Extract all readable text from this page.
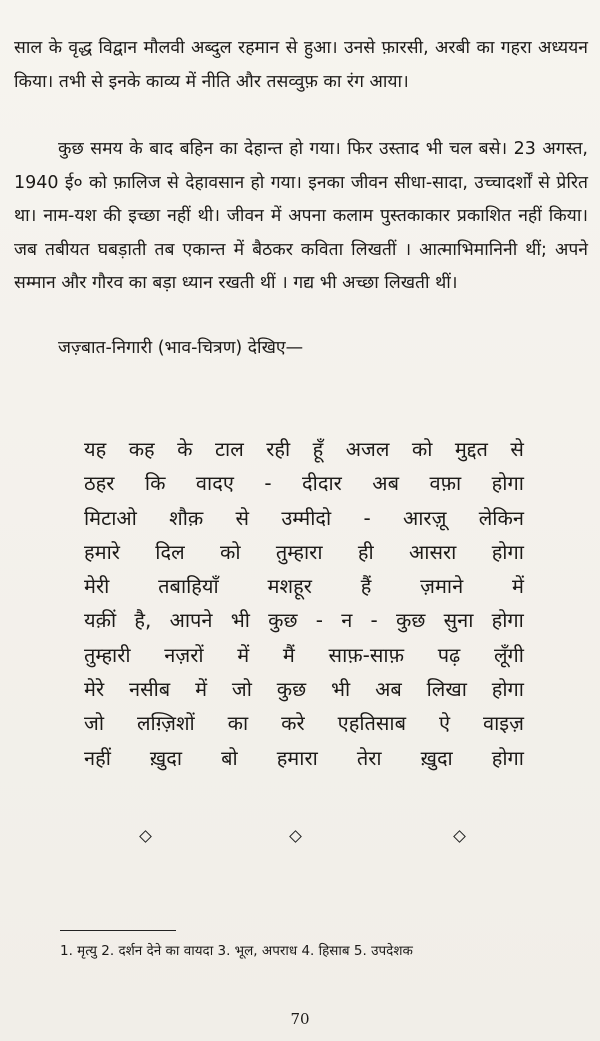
साल के वृद्ध विद्वान मौलवी अब्दुल रहमान से हुआ। उनसे फ़ारसी, अरबी का गहरा अध्ययन किया। तभी से इनके काव्य में नीति और तसव्वुफ़ का रंग आया।

कुछ समय के बाद बहिन का देहान्त हो गया। फिर उस्ताद भी चल बसे। 23 अगस्त, 1940 ई० को फ़ालिज से देहावसान हो गया। इनका जीवन सीधा-सादा, उच्चादर्शों से प्रेरित था। नाम-यश की इच्छा नहीं थी। जीवन में अपना कलाम पुस्तकाकार प्रकाशित नहीं किया। जब तबीयत घबड़ाती तब एकान्त में बैठकर कविता लिखतीं । आत्माभिमानिनी थीं; अपने सम्मान और गौरव का बड़ा ध्यान रखती थीं । गद्य भी अच्छा लिखती थीं।

जज़्बात-निगारी (भाव-चित्रण) देखिए—

यह कह के टाल रही हूँ अजल को मुद्दत से
ठहर कि वादए - दीदार अब वफ़ा होगा
मिटाओ शौक़ से उम्मीदो - आरज़ू लेकिन
हमारे दिल को तुम्हारा ही आसरा होगा
मेरी तबाहियाँ मशहूर हैं ज़माने में
यक़ीं है, आपने भी कुछ - न - कुछ सुना होगा
तुम्हारी नज़रों में मैं साफ़-साफ़ पढ़ लूँगी
मेरे नसीब में जो कुछ भी अब लिखा होगा
जो लग़्ज़िशों का करे एहतिसाब ऐ वाइज़
नहीं ख़ुदा बो हमारा तेरा ख़ुदा होगा

1. मृत्यु 2. दर्शन देने का वायदा 3. भूल, अपराध 4. हिसाब 5. उपदेशक

70
